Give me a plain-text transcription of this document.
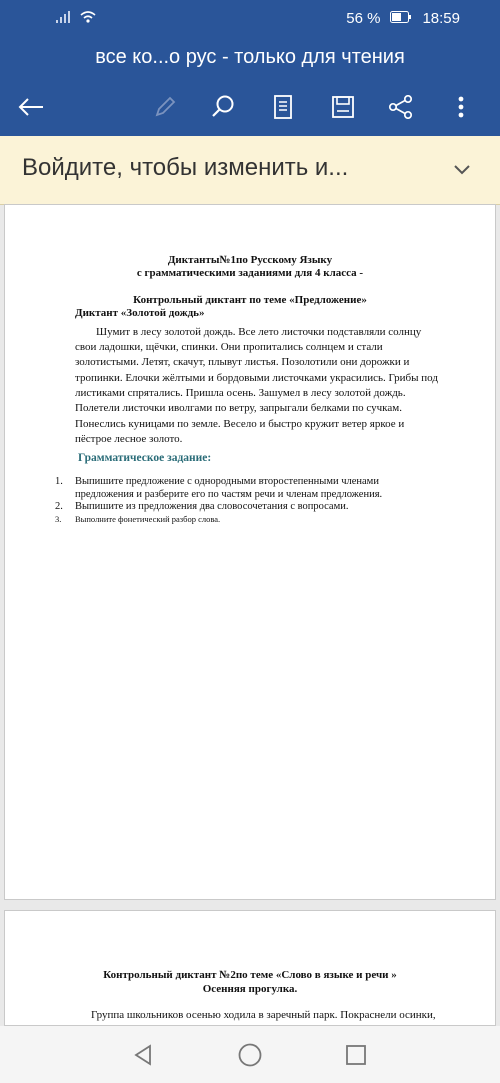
56 %	18:59
все ко...о рус - только для чтения
Войдите, чтобы изменить и...
Диктанты№1по Русскому Языку
с грамматическими заданиями для 4 класса -
Контрольный диктант по теме «Предложение»
Диктант «Золотой дождь»
Шумит в лесу золотой дождь. Все лето листочки подставляли солнцу
свои ладошки, щёчки, спинки. Они пропитались солнцем и стали
золотистыми. Летят, скачут, плывут листья. Позолотили они дорожки и
тропинки. Елочки жёлтыми и бордовыми листочками украсились. Грибы под
листиками спрятались. Пришла осень. Зашумел в лесу золотой дождь.
Полетели листочки иволгами по ветру, запрыгали белками по сучкам.
Понеслись куницами по земле. Весело и быстро кружит ветер яркое и
пёстрое лесное золото.
Грамматическое задание:
1. Выпишите предложение с однородными второстепенными членами
предложения и разберите его по частям речи и членам предложения.
2. Выпишите из предложения два словосочетания с вопросами.
3. Выполните фонетический разбор слова.
Контрольный диктант №2по теме «Слово в языке и речи »
Осенняя прогулка.
Группа школьников осенью ходила в заречный парк. Покраснели осинки,
